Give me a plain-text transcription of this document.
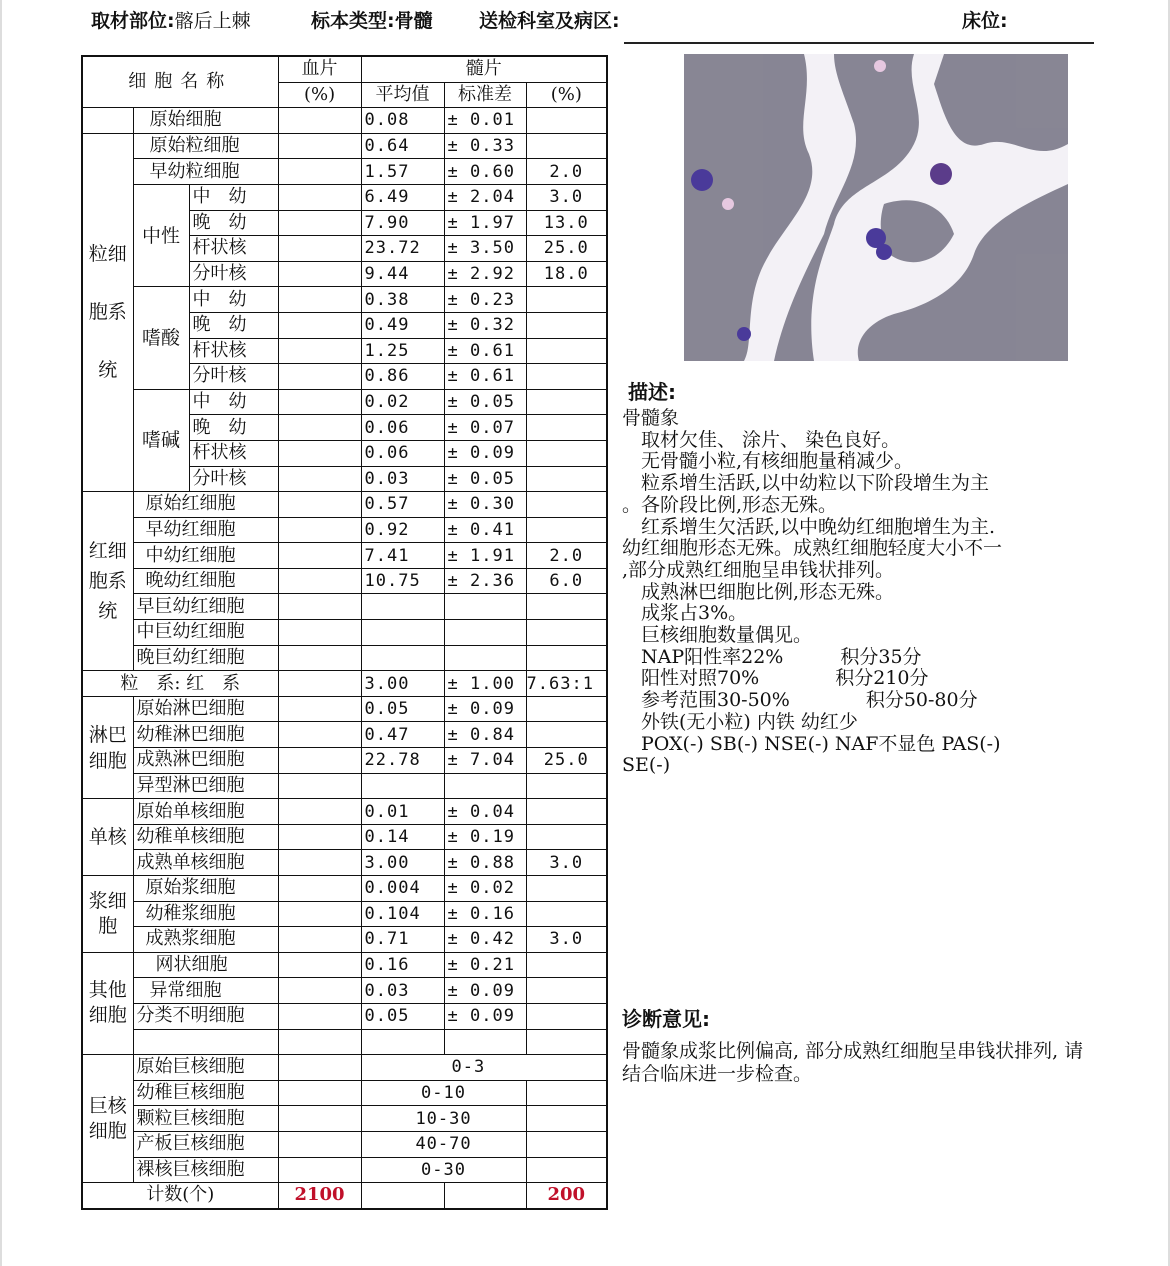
取材部位:髂后上棘	标本类型:骨髓 送检科室及病区:	床位:
细胞名称			血片	髓片		
			(%)	平均值	标准差	(%)
	原始细胞			0.08	± 0.01	
粒细胞系统	原始粒细胞			0.64	± 0.33	
	早幼粒细胞			1.57	± 0.60	2.0
	中性	中　幼		6.49	± 2.04	3.0
		晚　幼		7.90	± 1.97	13.0
		杆状核		23.72	± 3.50	25.0
		分叶核		9.44	± 2.92	18.0
	嗜酸	中　幼		0.38	± 0.23	
		晚　幼		0.49	± 0.32	
		杆状核		1.25	± 0.61	
		分叶核		0.86	± 0.61	
	嗜碱	中　幼		0.02	± 0.05	
		晚　幼		0.06	± 0.07	
		杆状核		0.06	± 0.09	
		分叶核		0.03	± 0.05	
红细胞系统	原始红细胞			0.57	± 0.30	
	早幼红细胞			0.92	± 0.41	
	中幼红细胞			7.41	± 1.91	2.0
	晚幼红细胞			10.75	± 2.36	6.0
	早巨幼红细胞					
	中巨幼红细胞					
	晚巨幼红细胞					
粒　系: 红　系				3.00	± 1.00	7.63:1
淋巴细胞	原始淋巴细胞			0.05	± 0.09	
	幼稚淋巴细胞			0.47	± 0.84	
	成熟淋巴细胞			22.78	± 7.04	25.0
	异型淋巴细胞					
单核	原始单核细胞			0.01	± 0.04	
	幼稚单核细胞			0.14	± 0.19	
	成熟单核细胞			3.00	± 0.88	3.0
浆细胞	原始浆细胞			0.004	± 0.02	
	幼稚浆细胞			0.104	± 0.16	
	成熟浆细胞			0.71	± 0.42	3.0
其他细胞	网状细胞			0.16	± 0.21	
	异常细胞			0.03	± 0.09	
	分类不明细胞			0.05	± 0.09	

巨核细胞	原始巨核细胞			0-3		
	幼稚巨核细胞			0-10		
	颗粒巨核细胞			10-30		
	产板巨核细胞			40-70		
	裸核巨核细胞			0-30		
计数(个)			2100			200
描述:
骨髓象
　取材欠佳、 涂片、 染色良好。
　无骨髓小粒,有核细胞量稍减少。
　粒系增生活跃,以中幼粒以下阶段增生为主
。各阶段比例,形态无殊。
　红系增生欠活跃,以中晚幼红细胞增生为主.
幼红细胞形态无殊。成熟红细胞轻度大小不一
,部分成熟红细胞呈串钱状排列。
　成熟淋巴细胞比例,形态无殊。
　成浆占3%。
　巨核细胞数量偶见。
　NAP阳性率22%　　　积分35分
　阳性对照70%　　　　积分210分
　参考范围30-50%　　　　积分50-80分
　外铁(无小粒) 内铁 幼红少
　POX(-) SB(-) NSE(-) NAF不显色 PAS(-)
SE(-)
诊断意见:
骨髓象成浆比例偏高, 部分成熟红细胞呈串钱状排列, 请结合临床进一步检查。
